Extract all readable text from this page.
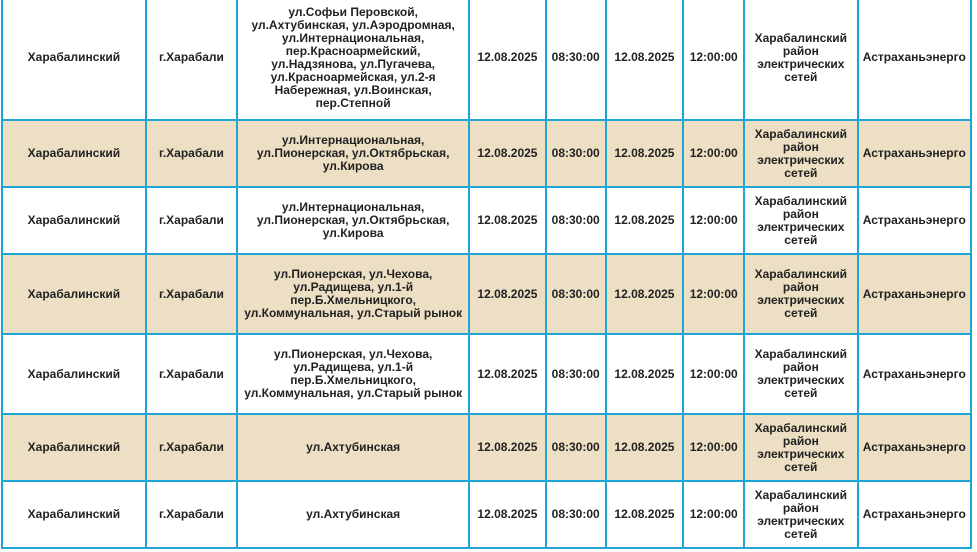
Харабалинский	г.Харабали	ул.Софьи Перовской, ул.Ахтубинская, ул.Аэродромная, ул.Интернациональная, пер.Красноармейский, ул.Надзянова, ул.Пугачева, ул.Красноармейская, ул.2-я Набережная, ул.Воинская, пер.Степной	12.08.2025	08:30:00	12.08.2025	12:00:00	Харабалинский район электрических сетей	Астраханьэнерго
Харабалинский	г.Харабали	ул.Интернациональная, ул.Пионерская, ул.Октябрьская, ул.Кирова	12.08.2025	08:30:00	12.08.2025	12:00:00	Харабалинский район электрических сетей	Астраханьэнерго
Харабалинский	г.Харабали	ул.Интернациональная, ул.Пионерская, ул.Октябрьская, ул.Кирова	12.08.2025	08:30:00	12.08.2025	12:00:00	Харабалинский район электрических сетей	Астраханьэнерго
Харабалинский	г.Харабали	ул.Пионерская, ул.Чехова, ул.Радищева, ул.1-й пер.Б.Хмельницкого, ул.Коммунальная, ул.Старый рынок	12.08.2025	08:30:00	12.08.2025	12:00:00	Харабалинский район электрических сетей	Астраханьэнерго
Харабалинский	г.Харабали	ул.Пионерская, ул.Чехова, ул.Радищева, ул.1-й пер.Б.Хмельницкого, ул.Коммунальная, ул.Старый рынок	12.08.2025	08:30:00	12.08.2025	12:00:00	Харабалинский район электрических сетей	Астраханьэнерго
Харабалинский	г.Харабали	ул.Ахтубинская	12.08.2025	08:30:00	12.08.2025	12:00:00	Харабалинский район электрических сетей	Астраханьэнерго
Харабалинский	г.Харабали	ул.Ахтубинская	12.08.2025	08:30:00	12.08.2025	12:00:00	Харабалинский район электрических сетей	Астраханьэнерго
